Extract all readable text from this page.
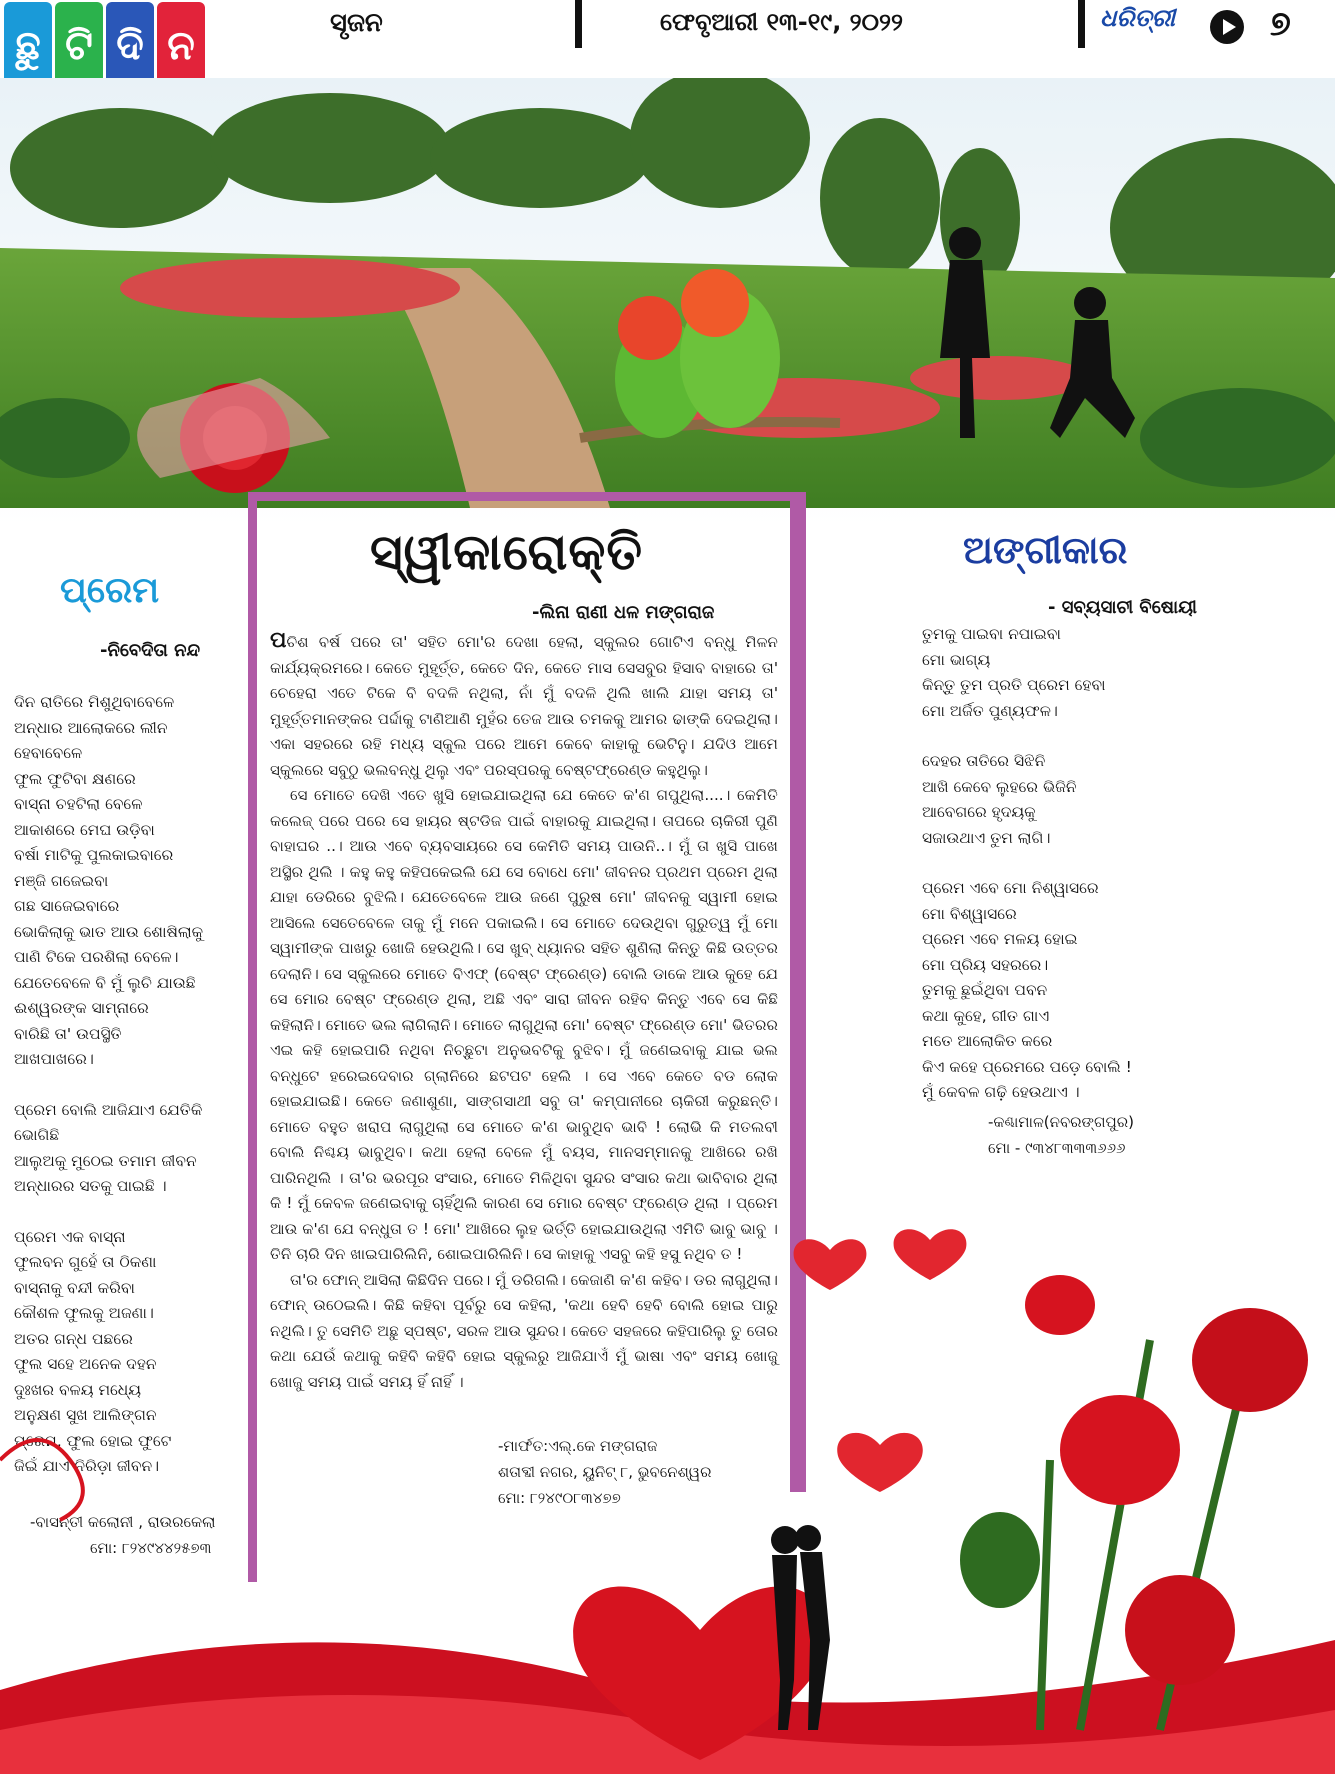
ଛୁ ଟି ଦି ନ	ସୃଜନ	ଫେବୃଆରୀ ୧୩-୧୯, ୨୦୨୨	ଧରିତ୍ରୀ	୭
ପ୍ରେମ
-ନିବେଦିତା ନନ୍ଦ

ଦିନ ରାତିରେ ମିଶୁଥିବାବେଳେ

ଅନ୍ଧାର ଆଲୋକରେ ଲୀନ

ହେବାବେଳେ

ଫୁଲ ଫୁଟିବା କ୍ଷଣରେ

ବାସ୍ନା ଚହଟିଲା ବେଳେ

ଆକାଶରେ ମେଘ ଉଡ଼ିବା

ବର୍ଷା ମାଟିକୁ ପୁଲକାଇବାରେ

ମଞ୍ଜି ଗଜେଇବା

ଗଛ ସାଜେଇବାରେ

ଭୋକିଲାକୁ ଭାତ ଆଉ ଶୋଷିଲାକୁ

ପାଣି ଟିକେ ପରଶିଲା ବେଳେ।

ଯେତେବେଳେ ବି ମୁଁ ଲୁଚି ଯାଉଛି

ଈଶ୍ୱରଙ୍କ ସାମ୍ନାରେ

ବାରିଛି ତା' ଉପସ୍ଥିତି

ଆଖପାଖରେ।

ପ୍ରେମ ବୋଲି ଆଜିଯାଏ ଯେତିକି

ଭୋଗିଛି

ଆଲୁଅକୁ ମୁଠେଇ ତମାମ ଜୀବନ

ଅନ୍ଧାରର ସତକୁ ପାଇଛି ।

ପ୍ରେମ ଏକ ବାସ୍ନା

ଫୁଲବନ ଗୁହେଁ ତା ଠିକଣା

ବାସ୍ନାକୁ ବନ୍ଦୀ କରିବା

କୌଶଳ ଫୁଲକୁ ଅଜଣା।

ଅତର ଗନ୍ଧ ପଛରେ

ଫୁଲ ସହେ ଅନେକ ଦହନ

ଦୁଃଖର ବଳୟ ମଧ୍ୟେ

ଅନୁକ୍ଷଣ ସୁଖ ଆଲିଙ୍ଗନ

ପ୍ରେମ, ଫୁଲ ହୋଇ ଫୁଟେ

ଜିଇଁ ଯାଏ ନିରିଡ଼ା ଜୀବନ।

-ବାସନ୍ତୀ କଲୋନୀ , ରାଉରକେଲା
ମୋ: ୮୨୪୯୪୪୨୫୭୩
ସ୍ୱୀକାରୋକ୍ତି
-ଲିନା ରାଣୀ ଧଳ ମଙ୍ଗରାଜ

ପଚିଶ ବର୍ଷ ପରେ ତା' ସହିତ ମୋ'ର ଦେଖା ହେଲା, ସ୍କୁଲର ଗୋଟିଏ ବନ୍ଧୁ ମିଳନ କାର୍ଯ୍ୟକ୍ରମରେ। କେତେ ମୁହୂର୍ତ୍ତ, କେତେ ଦିନ, କେତେ ମାସ ସେସବୁର ହିସାବ ବାହାରେ ତା' ଚେହେରା ଏତେ ଟିକେ ବି ବଦଳି ନଥିଲା, ନାଁ ମୁଁ ବଦଳି ଥିଲି ଖାଲି ଯାହା ସମୟ ତା' ମୁହୂର୍ତ୍ତମାନଙ୍କର ପର୍ଦ୍ଦାକୁ ଟାଣିଆଣି ମୁହଁର ତେଜ ଆଉ ଚମକକୁ ଆମର ଢାଙ୍କି ଦେଇଥିଲା। ଏକା ସହରରେ ରହି ମଧ୍ୟ ସ୍କୁଲ ପରେ ଆମେ କେବେ କାହାକୁ ଭେଟିନୁ। ଯଦିଓ ଆମେ ସ୍କୁଲରେ ସବୁଠୁ ଭଲବନ୍ଧୁ ଥିଲୁ ଏବଂ ପରସ୍ପରକୁ ବେଷ୍ଟଫ୍ରେଣ୍ଡ କହୁଥିଲୁ।

ସେ ମୋତେ ଦେଖି ଏତେ ଖୁସି ହୋଇଯାଇଥିଲା ଯେ କେତେ କ'ଣ ଗପୁଥିଲା....। କେମିତି କଲେଜ୍ ପରେ ପରେ ସେ ହାୟର ଷ୍ଟଡିଜ ପାଇଁ ବାହାରକୁ ଯାଇଥିଲା। ତାପରେ ଚାକିରୀ ପୁଣି ବାହାଘର ..। ଆଉ ଏବେ ବ୍ୟବସାୟରେ ସେ କେମିତି ସମୟ ପାଉନି..। ମୁଁ ତା ଖୁସି ପାଖେ ଅସ୍ଥିର ଥିଲି । କହୁ କହୁ କହିପକେଇଲି ଯେ ସେ ବୋଧେ ମୋ' ଜୀବନର ପ୍ରଥମ ପ୍ରେମ ଥିଲା ଯାହା ଡେରିରେ ବୁଝିଲି। ଯେତେବେଳେ ଆଉ ଜଣେ ପୁରୁଷ ମୋ' ଜୀବନକୁ ସ୍ୱାମୀ ହୋଇ ଆସିଲେ ସେତେବେଳେ ତାକୁ ମୁଁ ମନେ ପକାଇଲି। ସେ ମୋତେ ଦେଉଥିବା ଗୁରୁତ୍ୱ ମୁଁ ମୋ ସ୍ୱାମୀଙ୍କ ପାଖରୁ ଖୋଜି ହେଉଥିଲି। ସେ ଖୁବ୍ ଧ୍ୟାନର ସହିତ ଶୁଣିଲା କିନ୍ତୁ କିଛି ଉତ୍ତର ଦେଲାନି। ସେ ସ୍କୁଲରେ ମୋତେ ବିଏଫ୍ (ବେଷ୍ଟ ଫ୍ରେଣ୍ଡ) ବୋଲି ଡାକେ ଆଉ କୁହେ ଯେ ସେ ମୋର ବେଷ୍ଟ ଫ୍ରେଣ୍ଡ ଥିଲା, ଅଛି ଏବଂ ସାରା ଜୀବନ ରହିବ କିନ୍ତୁ ଏବେ ସେ କିଛି କହିଲାନି। ମୋତେ ଭଲ ଲାଗିଲାନି। ମୋତେ ଲାଗୁଥିଲା ମୋ' ବେଷ୍ଟ ଫ୍ରେଣ୍ଡ ମୋ' ଭିତରର ଏଇ କହି ହୋଇପାରି ନଥିବା ନିଚ୍ଛୁଟା ଅନୁଭବଟିକୁ ବୁଝିବ। ମୁଁ ଜଣେଇବାକୁ ଯାଇ ଭଲ ବନ୍ଧୁଟେ ହରେଇଦେବାର ଗ୍ଲାନିରେ ଛଟପଟ ହେଲି । ସେ ଏବେ କେତେ ବଡ ଲୋକ ହୋଇଯାଇଛି। କେତେ ଜଣାଶୁଣା, ସାଙ୍ଗସାଥୀ ସବୁ ତା' କମ୍ପାନୀରେ ଚାକିରୀ କରୁଛନ୍ତି। ମୋତେ ବହୁତ ଖରାପ ଲାଗୁଥିଲା ସେ ମୋତେ କ'ଣ ଭାବୁଥିବ ଭାବି ! ଲୋଭି କି ମତଲବୀ ବୋଲି ନିଶ୍ଚୟ ଭାବୁଥିବ। କଥା ହେଲା ବେଳେ ମୁଁ ବୟସ, ମାନସମ୍ମାନକୁ ଆଖିରେ ରଖି ପାରିନଥିଲି । ତା'ର ଭରପୂର ସଂସାର, ମୋତେ ମିଳିଥିବା ସୁନ୍ଦର ସଂସାର କଥା ଭାବିବାର ଥିଲା କି ! ମୁଁ କେବଳ ଜଣେଇବାକୁ ଚାହିଁଥିଲି କାରଣ ସେ ମୋର ବେଷ୍ଟ ଫ୍ରେଣ୍ଡ ଥିଲା । ପ୍ରେମ ଆଉ କ'ଣ ଯେ ବନ୍ଧୁତା ତ ! ମୋ' ଆଖିରେ ଲୁହ ଭର୍ତ୍ତି ହୋଇଯାଉଥିଲା ଏମିତି ଭାବୁ ଭାବୁ । ତିନି ଚାରି ଦିନ ଖାଇପାରିଲିନି, ଶୋଇପାରିଲିନି। ସେ କାହାକୁ ଏସବୁ କହି ହସୁ ନଥିବ ତ !

ତା'ର ଫୋନ୍ ଆସିଲା କିଛିଦିନ ପରେ। ମୁଁ ଡରିଗଲି। କେଜାଣି କ'ଣ କହିବ। ଡର ଲାଗୁଥିଲା। ଫୋନ୍ ଉଠେଇଲି। କିଛି କହିବା ପୂର୍ବରୁ ସେ କହିଲା, 'କଥା ହେବି ହେବି ବୋଲି ହୋଇ ପାରୁ ନଥିଲି। ତୁ ସେମିତି ଅଛୁ ସ୍ପଷ୍ଟ, ସରଳ ଆଉ ସୁନ୍ଦର। କେତେ ସହଜରେ କହିପାରିଲୁ ତୁ ତୋର କଥା ଯେଉଁ କଥାକୁ କହିବି କହିବି ହୋଇ ସ୍କୁଲରୁ ଆଜିଯାଏଁ ମୁଁ ଭାଷା ଏବଂ ସମୟ ଖୋଜୁ ଖୋଜୁ ସମୟ ପାଇଁ ସମୟ ହିଁ ନାହିଁ ।

-ମାର୍ଫତ:ଏଲ୍.କେ ମଙ୍ଗରାଜ
ଶତାବ୍ଦୀ ନଗର, ୟୁନିଟ୍ ୮, ଭୁବନେଶ୍ୱର
ମୋ: ୮୨୪୯୦୮୩୪୭୭
ଅଙ୍ଗୀକାର
- ସବ୍ୟସାଚୀ ବିଷୋୟୀ

ତୁମକୁ ପାଇବା ନପାଇବା

ମୋ ଭାଗ୍ୟ

କିନ୍ତୁ ତୁମ ପ୍ରତି ପ୍ରେମ ହେବା

ମୋ ଅର୍ଜିତ ପୁଣ୍ୟଫଳ।

ଦେହର ତାତିରେ ସିଝିନି

ଆଖି କେବେ ଲୁହରେ ଭିଜିନି

ଆବେଗରେ ହୃଦୟକୁ

ସଜାଉଥାଏ ତୁମ ଲାଗି।

ପ୍ରେମ ଏବେ ମୋ ନିଶ୍ୱାସରେ

ମୋ ବିଶ୍ୱାସରେ

ପ୍ରେମ ଏବେ ମଳୟ ହୋଇ

ମୋ ପ୍ରିୟ ସହରରେ।

ତୁମକୁ ଛୁଇଁଥିବା ପବନ

କଥା କୁହେ, ଗୀତ ଗାଏ

ମତେ ଆଲୋକିତ କରେ

କିଏ କହେ ପ୍ରେମରେ ପଡ଼େ ବୋଲି !

ମୁଁ କେବଳ ଗଢ଼ି ହେଉଥାଏ ।

-କଣ୍ଢାମାଳ(ନବରଙ୍ଗପୁର)
ମୋ - ୯୩୪୮୩୩୩୬୬୬
